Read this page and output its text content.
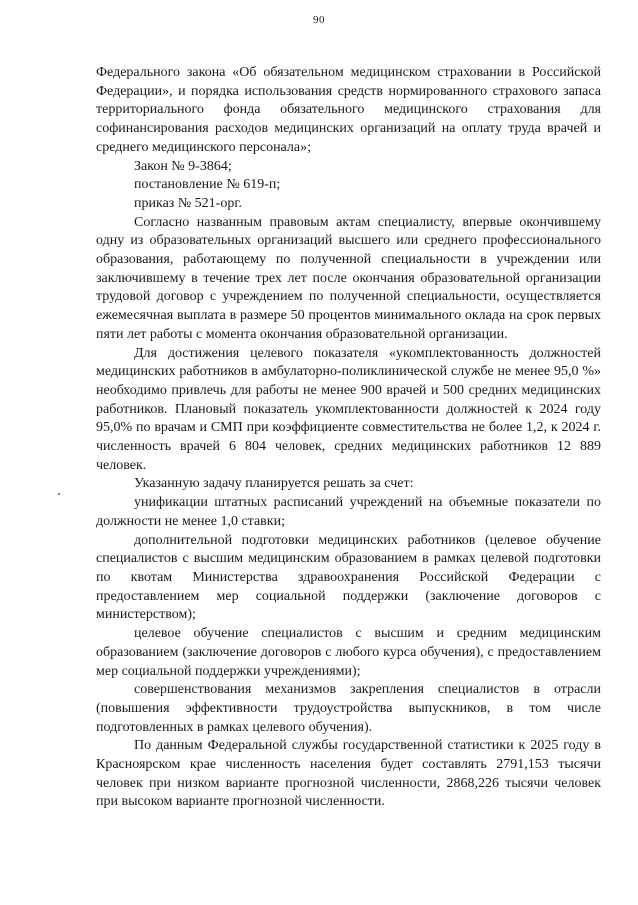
90

Федерального закона «Об обязательном медицинском страховании в Российской Федерации», и порядка использования средств нормированного страхового запаса территориального фонда обязательного медицинского страхования для софинансирования расходов медицинских организаций на оплату труда врачей и среднего медицинского персонала»;

Закон № 9-3864;

постановление № 619-п;

приказ № 521-орг.

Согласно названным правовым актам специалисту, впервые окончившему одну из образовательных организаций высшего или среднего профессионального образования, работающему по полученной специальности в учреждении или заключившему в течение трех лет после окончания образовательной организации трудовой договор с учреждением по полученной специальности, осуществляется ежемесячная выплата в размере 50 процентов минимального оклада на срок первых пяти лет работы с момента окончания образовательной организации.

Для достижения целевого показателя «укомплектованность должностей медицинских работников в амбулаторно-поликлинической службе не менее 95,0 %» необходимо привлечь для работы не менее 900 врачей и 500 средних медицинских работников. Плановый показатель укомплектованности должностей к 2024 году 95,0% по врачам и СМП при коэффициенте совместительства не более 1,2, к 2024 г. численность врачей 6 804 человек, средних медицинских работников 12 889 человек.

Указанную задачу планируется решать за счет:

унификации штатных расписаний учреждений на объемные показатели по должности не менее 1,0 ставки;

дополнительной подготовки медицинских работников (целевое обучение специалистов с высшим медицинским образованием в рамках целевой подготовки по квотам Министерства здравоохранения Российской Федерации с предоставлением мер социальной поддержки (заключение договоров с министерством);

целевое обучение специалистов с высшим и средним медицинским образованием (заключение договоров с любого курса обучения), с предоставлением мер социальной поддержки учреждениями);

совершенствования механизмов закрепления специалистов в отрасли (повышения эффективности трудоустройства выпускников, в том числе подготовленных в рамках целевого обучения).

По данным Федеральной службы государственной статистики к 2025 году в Красноярском крае численность населения будет составлять 2791,153 тысячи человек при низком варианте прогнозной численности, 2868,226 тысячи человек при высоком варианте прогнозной численности.
